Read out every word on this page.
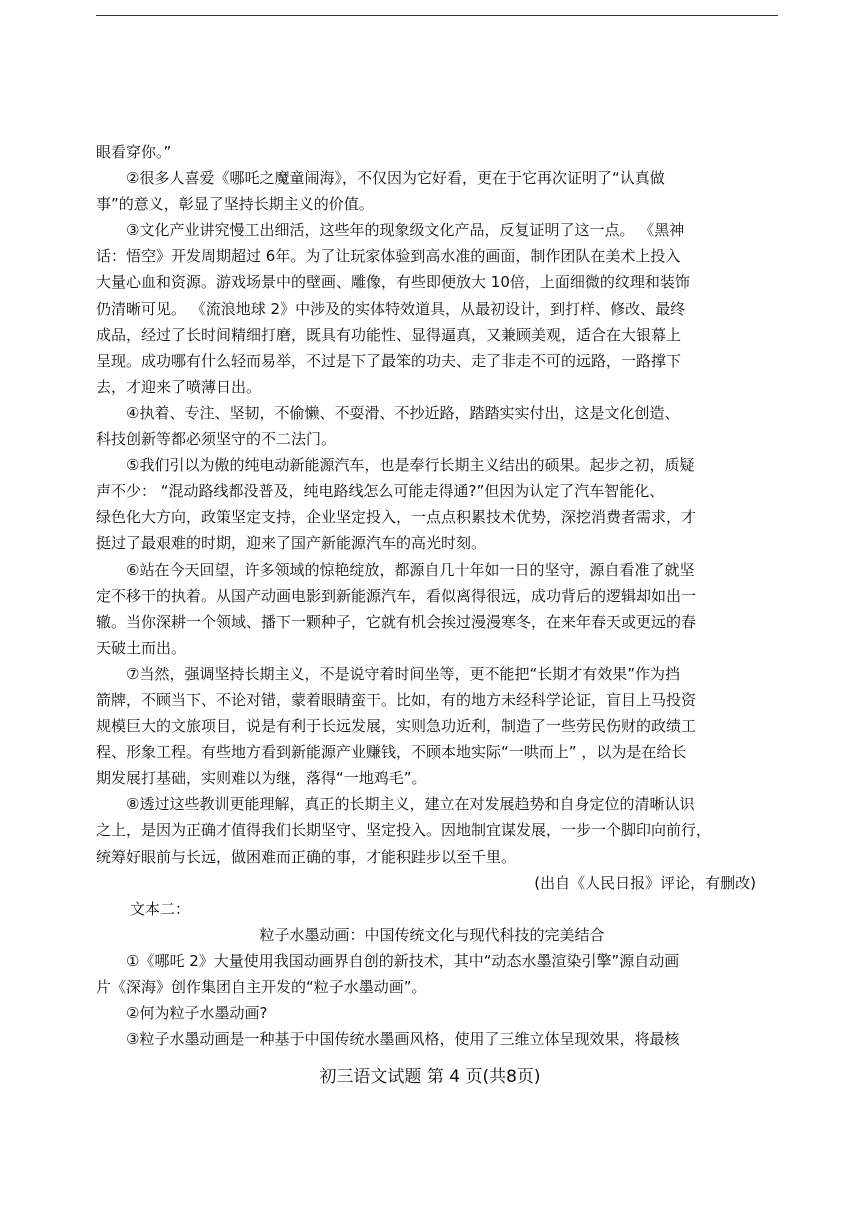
眼看穿你。”
②很多人喜爱《哪吒之魔童闹海》，不仅因为它好看，更在于它再次证明了“认真做
事”的意义，彰显了坚持长期主义的价值。
③文化产业讲究慢工出细活，这些年的现象级文化产品，反复证明了这一点。 《黑神
话：悟空》开发周期超过 6年。为了让玩家体验到高水准的画面，制作团队在美术上投入
大量心血和资源。游戏场景中的壁画、雕像，有些即便放大 10倍，上面细微的纹理和装饰
仍清晰可见。 《流浪地球 2》中涉及的实体特效道具，从最初设计，到打样、修改、最终
成品，经过了长时间精细打磨，既具有功能性、显得逼真，又兼顾美观，适合在大银幕上
呈现。成功哪有什么轻而易举，不过是下了最笨的功夫、走了非走不可的远路，一路撑下
去，才迎来了喷薄日出。
④执着、专注、坚韧，不偷懒、不耍滑、不抄近路，踏踏实实付出，这是文化创造、
科技创新等都必须坚守的不二法门。
⑤我们引以为傲的纯电动新能源汽车，也是奉行长期主义结出的硕果。起步之初，质疑
声不少： “混动路线都没普及，纯电路线怎么可能走得通?”但因为认定了汽车智能化、
绿色化大方向，政策坚定支持，企业坚定投入，一点点积累技术优势，深挖消费者需求，才
挺过了最艰难的时期，迎来了国产新能源汽车的高光时刻。
⑥站在今天回望，许多领域的惊艳绽放，都源自几十年如一日的坚守，源自看准了就坚
定不移干的执着。从国产动画电影到新能源汽车，看似离得很远，成功背后的逻辑却如出一
辙。当你深耕一个领域、播下一颗种子，它就有机会挨过漫漫寒冬，在来年春天或更远的春
天破土而出。
⑦当然，强调坚持长期主义，不是说守着时间坐等，更不能把“长期才有效果”作为挡
箭牌，不顾当下、不论对错，蒙着眼睛蛮干。比如，有的地方未经科学论证，盲目上马投资
规模巨大的文旅项目，说是有利于长远发展，实则急功近利，制造了一些劳民伤财的政绩工
程、形象工程。有些地方看到新能源产业赚钱，不顾本地实际“一哄而上” ，以为是在给长
期发展打基础，实则难以为继，落得“一地鸡毛”。
⑧透过这些教训更能理解，真正的长期主义，建立在对发展趋势和自身定位的清晰认识
之上，是因为正确才值得我们长期坚守、坚定投入。因地制宜谋发展，一步一个脚印向前行，
统筹好眼前与长远，做困难而正确的事，才能积跬步以至千里。
(出自《人民日报》评论，有删改)
文本二：
粒子水墨动画：中国传统文化与现代科技的完美结合
①《哪吒 2》大量使用我国动画界自创的新技术，其中“动态水墨渲染引擎”源自动画
片《深海》创作集团自主开发的“粒子水墨动画”。
②何为粒子水墨动画?
③粒子水墨动画是一种基于中国传统水墨画风格，使用了三维立体呈现效果，将最核
初三语文试题 第 4 页(共8页)
